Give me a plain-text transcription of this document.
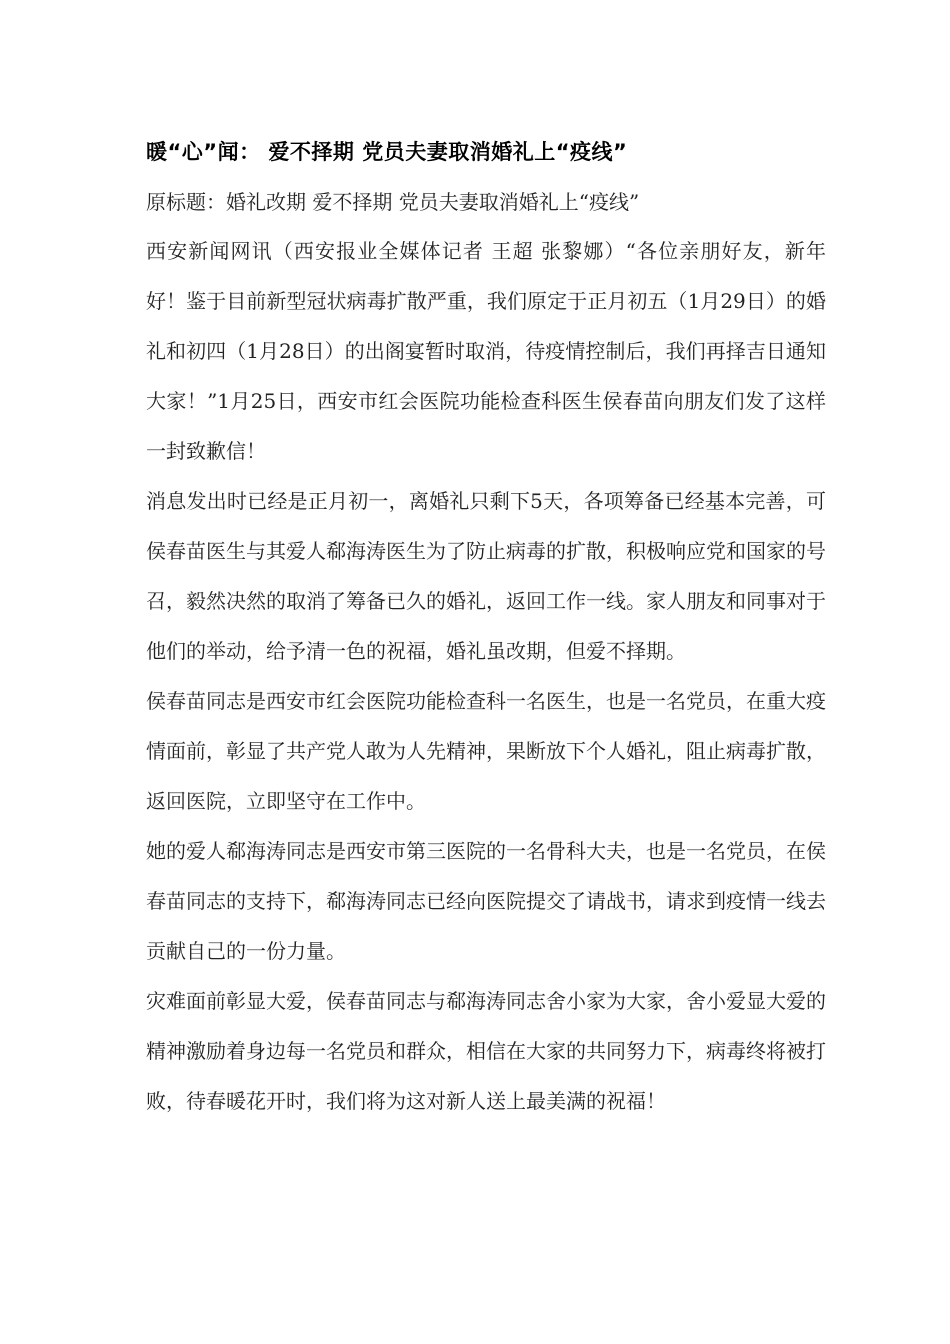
暖“心”闻： 爱不择期 党员夫妻取消婚礼上“疫线”

原标题：婚礼改期 爱不择期 党员夫妻取消婚礼上“疫线”

西安新闻网讯（西安报业全媒体记者 王超 张黎娜）“各位亲朋好友，新年好！鉴于目前新型冠状病毒扩散严重，我们原定于正月初五（1月29日）的婚礼和初四（1月28日）的出阁宴暂时取消，待疫情控制后，我们再择吉日通知大家！”1月25日，西安市红会医院功能检查科医生侯春苗向朋友们发了这样一封致歉信！

消息发出时已经是正月初一，离婚礼只剩下5天，各项筹备已经基本完善，可侯春苗医生与其爱人郗海涛医生为了防止病毒的扩散，积极响应党和国家的号召，毅然决然的取消了筹备已久的婚礼，返回工作一线。家人朋友和同事对于他们的举动，给予清一色的祝福，婚礼虽改期，但爱不择期。

侯春苗同志是西安市红会医院功能检查科一名医生，也是一名党员，在重大疫情面前，彰显了共产党人敢为人先精神，果断放下个人婚礼，阻止病毒扩散，返回医院，立即坚守在工作中。

她的爱人郗海涛同志是西安市第三医院的一名骨科大夫，也是一名党员，在侯春苗同志的支持下，郗海涛同志已经向医院提交了请战书，请求到疫情一线去贡献自己的一份力量。

灾难面前彰显大爱，侯春苗同志与郗海涛同志舍小家为大家，舍小爱显大爱的精神激励着身边每一名党员和群众，相信在大家的共同努力下，病毒终将被打败，待春暖花开时，我们将为这对新人送上最美满的祝福！
